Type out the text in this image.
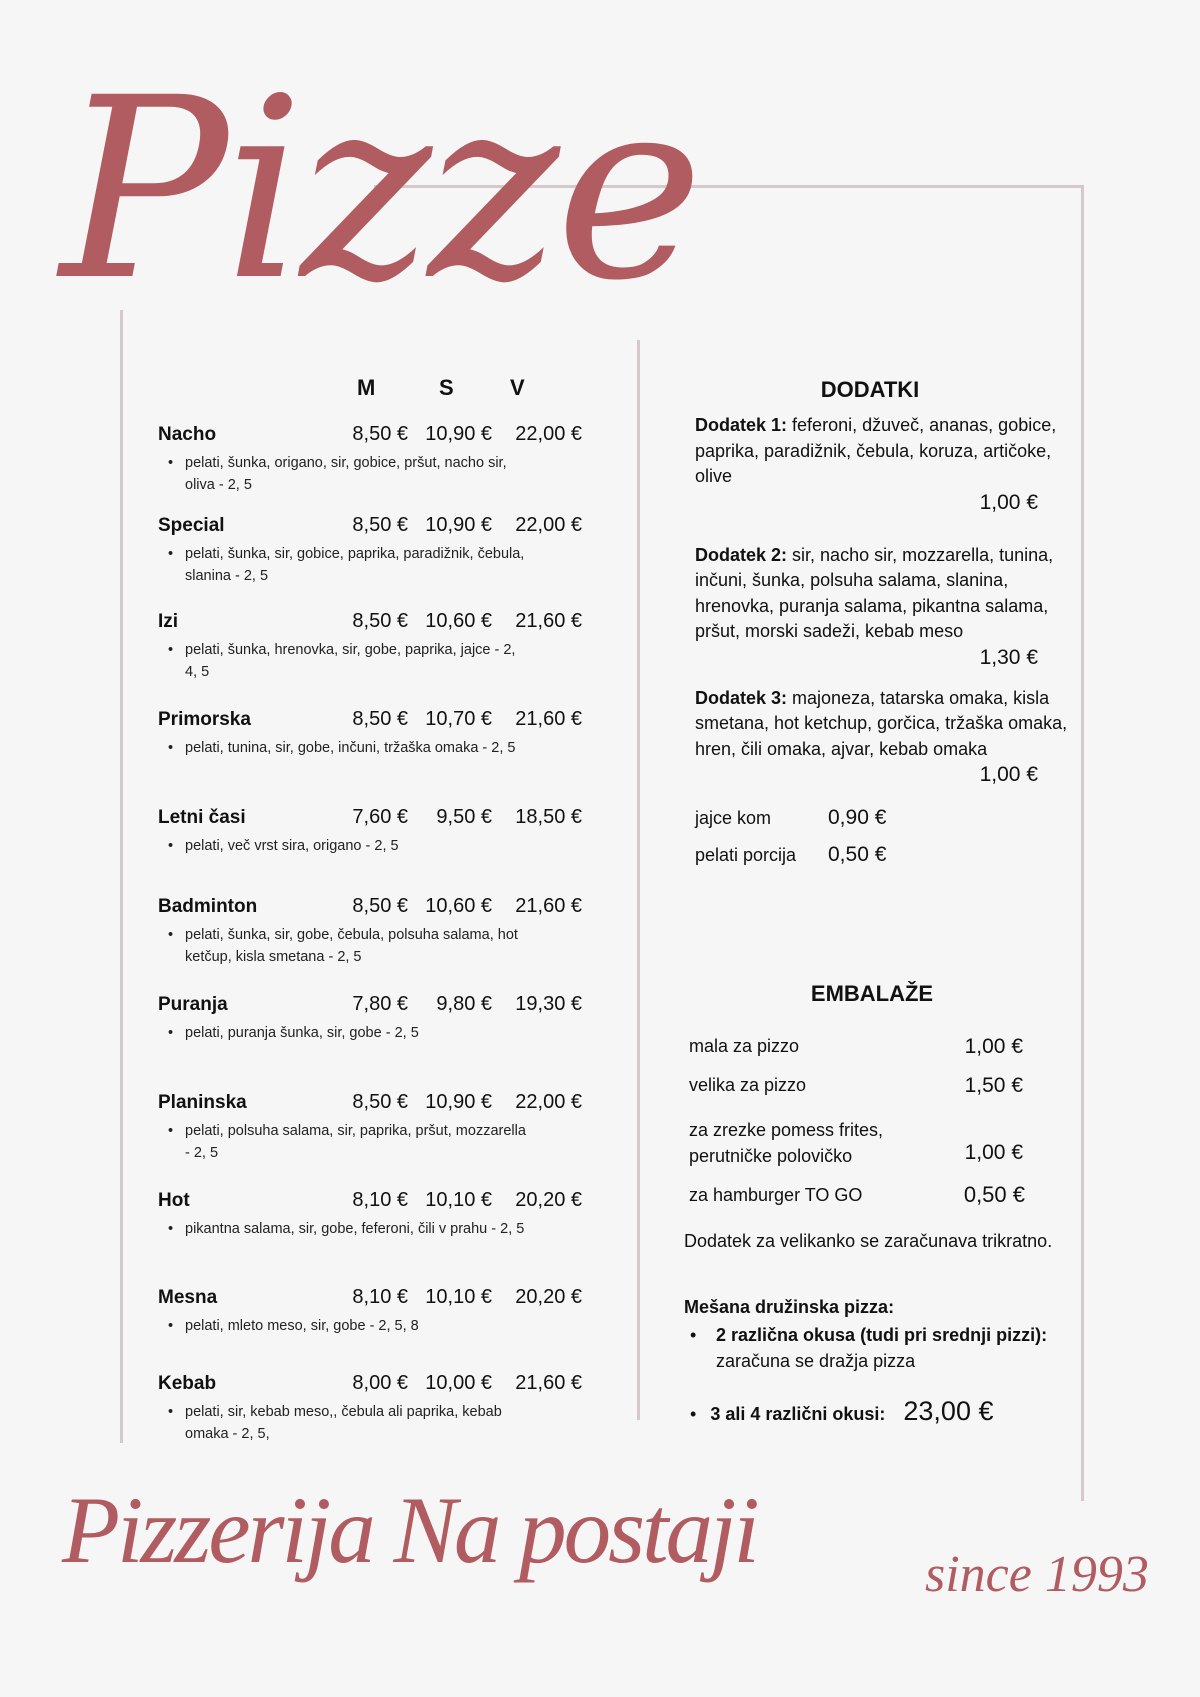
Pizze
M	S	V
Nacho	8,50 € 10,90 € 22,00 €
• pelati, šunka, origano, sir, gobice, pršut, nacho sir, oliva - 2, 5
Special	8,50 € 10,90 € 22,00 €
• pelati, šunka, sir, gobice, paprika, paradižnik, čebula, slanina - 2, 5
Izi	8,50 € 10,60 € 21,60 €
• pelati, šunka, hrenovka, sir, gobe, paprika, jajce - 2, 4, 5
Primorska	8,50 € 10,70 € 21,60 €
• pelati, tunina, sir, gobe, inčuni, tržaška omaka - 2, 5
Letni časi	7,60 € 9,50 € 18,50 €
• pelati, več vrst sira, origano - 2, 5
Badminton	8,50 € 10,60 € 21,60 €
• pelati, šunka, sir, gobe, čebula, polsuha salama, hot ketčup, kisla smetana - 2, 5
Puranja	7,80 € 9,80 € 19,30 €
• pelati, puranja šunka, sir, gobe - 2, 5
Planinska	8,50 € 10,90 € 22,00 €
• pelati, polsuha salama, sir, paprika, pršut, mozzarella - 2, 5
Hot	8,10 € 10,10 € 20,20 €
• pikantna salama, sir, gobe, feferoni, čili v prahu - 2, 5
Mesna	8,10 € 10,10 € 20,20 €
• pelati, mleto meso, sir, gobe - 2, 5, 8
Kebab	8,00 € 10,00 € 21,60 €
• pelati, sir, kebab meso,, čebula ali paprika, kebab omaka - 2, 5,
DODATKI
Dodatek 1: feferoni, džuveč, ananas, gobice, paprika, paradižnik, čebula, koruza, artičoke, olive
1,00 €
Dodatek 2: sir, nacho sir, mozzarella, tunina, inčuni, šunka, polsuha salama, slanina, hrenovka, puranja salama, pikantna salama, pršut, morski sadeži, kebab meso
1,30 €
Dodatek 3: majoneza, tatarska omaka, kisla smetana, hot ketchup, gorčica, tržaška omaka, hren, čili omaka, ajvar, kebab omaka
1,00 €
jajce kom	0,90 €
pelati porcija	0,50 €
EMBALAŽE
mala za pizzo	1,00 €
velika za pizzo	1,50 €
za zrezke pomess frites, perutničke polovičko	1,00 €
za hamburger TO GO	0,50 €
Dodatek za velikanko se zaračunava trikratno.
Mešana družinska pizza:
•	2 različna okusa (tudi pri srednji pizzi): zaračuna se dražja pizza
• 3 ali 4 različni okusi: 23,00 €
Pizzerija Na postaji	since 1993
